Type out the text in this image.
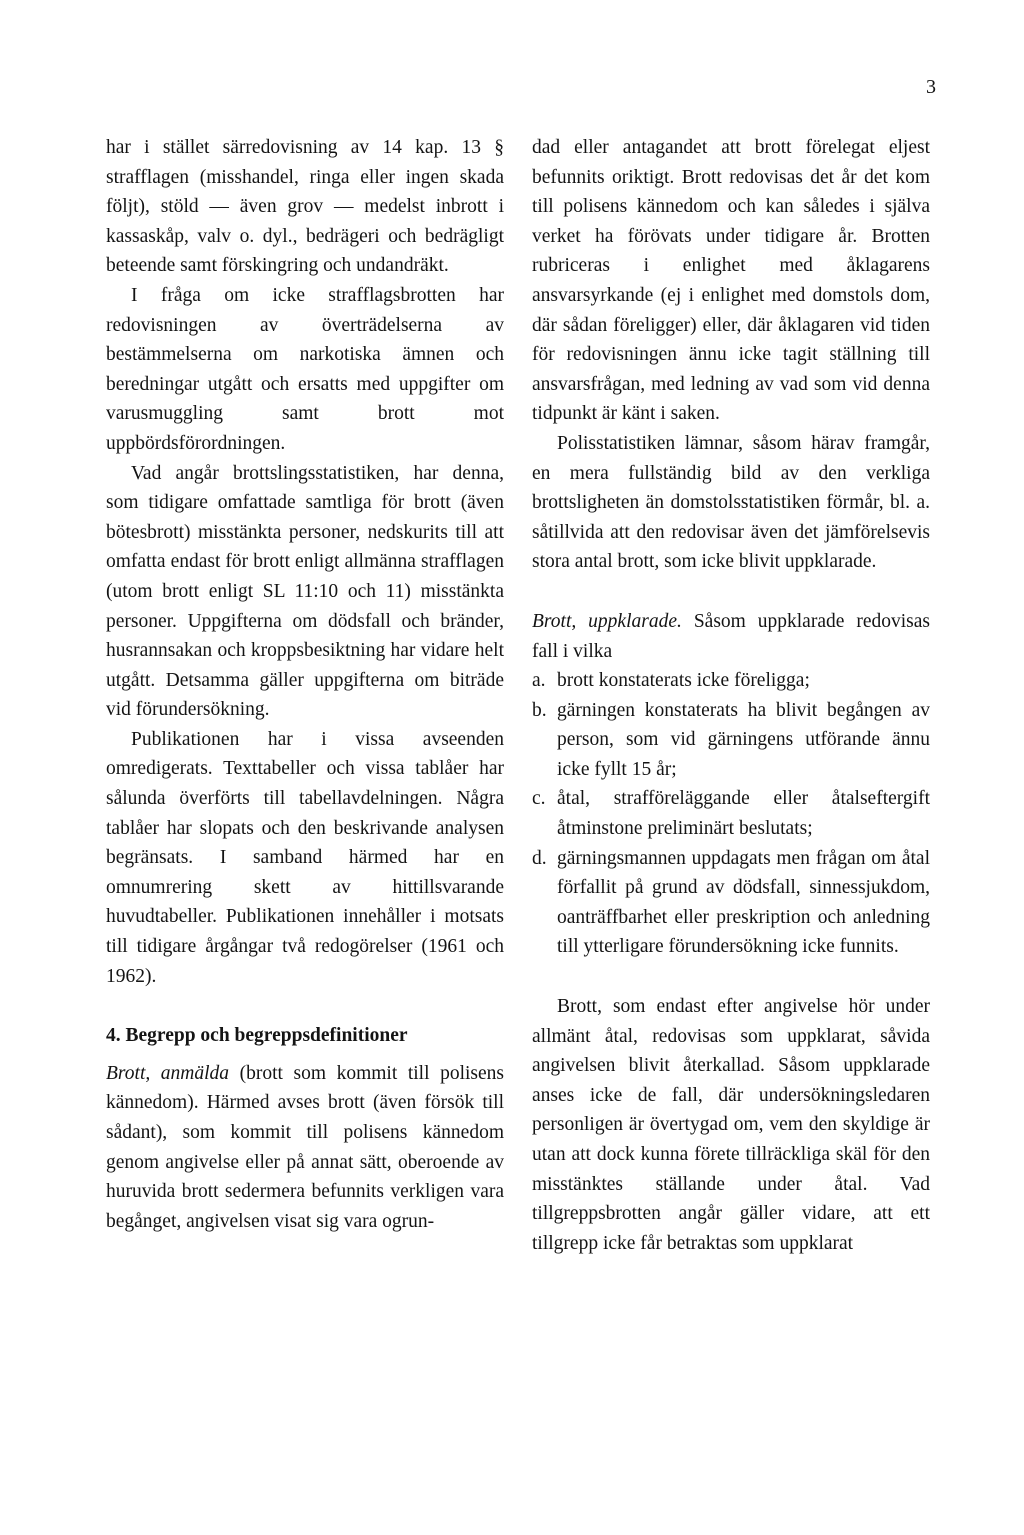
3

har i stället särredovisning av 14 kap. 13 § strafflagen (misshandel, ringa eller ingen skada följt), stöld — även grov — medelst inbrott i kassaskåp, valv o. dyl., bedrägeri och bedrägligt beteende samt förskingring och undandräkt.

I fråga om icke strafflagsbrotten har redovisningen av överträdelserna av bestämmelserna om narkotiska ämnen och beredningar utgått och ersatts med uppgifter om varusmuggling samt brott mot uppbördsförordningen.

Vad angår brottslingsstatistiken, har denna, som tidigare omfattade samtliga för brott (även bötesbrott) misstänkta personer, nedskurits till att omfatta endast för brott enligt allmänna strafflagen (utom brott enligt SL 11:10 och 11) misstänkta personer. Uppgifterna om dödsfall och bränder, husrannsakan och kroppsbesiktning har vidare helt utgått. Detsamma gäller uppgifterna om biträde vid förundersökning.

Publikationen har i vissa avseenden omredigerats. Texttabeller och vissa tablåer har sålunda överförts till tabellavdelningen. Några tablåer har slopats och den beskrivande analysen begränsats. I samband härmed har en omnumrering skett av hittillsvarande huvudtabeller. Publikationen innehåller i motsats till tidigare årgångar två redogörelser (1961 och 1962).

4. Begrepp och begreppsdefinitioner

Brott, anmälda (brott som kommit till polisens kännedom). Härmed avses brott (även försök till sådant), som kommit till polisens kännedom genom angivelse eller på annat sätt, oberoende av huruvida brott sedermera befunnits verkligen vara begånget, angivelsen visat sig vara ogrun-

dad eller antagandet att brott förelegat eljest befunnits oriktigt. Brott redovisas det år det kom till polisens kännedom och kan således i själva verket ha förövats under tidigare år. Brotten rubriceras i enlighet med åklagarens ansvarsyrkande (ej i enlighet med domstols dom, där sådan föreligger) eller, där åklagaren vid tiden för redovisningen ännu icke tagit ställning till ansvarsfrågan, med ledning av vad som vid denna tidpunkt är känt i saken.

Polisstatistiken lämnar, såsom härav framgår, en mera fullständig bild av den verkliga brottsligheten än domstolsstatistiken förmår, bl. a. såtillvida att den redovisar även det jämförelsevis stora antal brott, som icke blivit uppklarade.

Brott, uppklarade. Såsom uppklarade redovisas fall i vilka

a. brott konstaterats icke föreligga;
b. gärningen konstaterats ha blivit begången av person, som vid gärningens utförande ännu icke fyllt 15 år;
c. åtal, strafföreläggande eller åtalseftergift åtminstone preliminärt beslutats;
d. gärningsmannen uppdagats men frågan om åtal förfallit på grund av dödsfall, sinnessjukdom, oanträffbarhet eller preskription och anledning till ytterligare förundersökning icke funnits.

Brott, som endast efter angivelse hör under allmänt åtal, redovisas som uppklarat, såvida angivelsen blivit återkallad. Såsom uppklarade anses icke de fall, där undersökningsledaren personligen är övertygad om, vem den skyldige är utan att dock kunna förete tillräckliga skäl för den misstänktes ställande under åtal. Vad tillgreppsbrotten angår gäller vidare, att ett tillgrepp icke får betraktas som uppklarat
